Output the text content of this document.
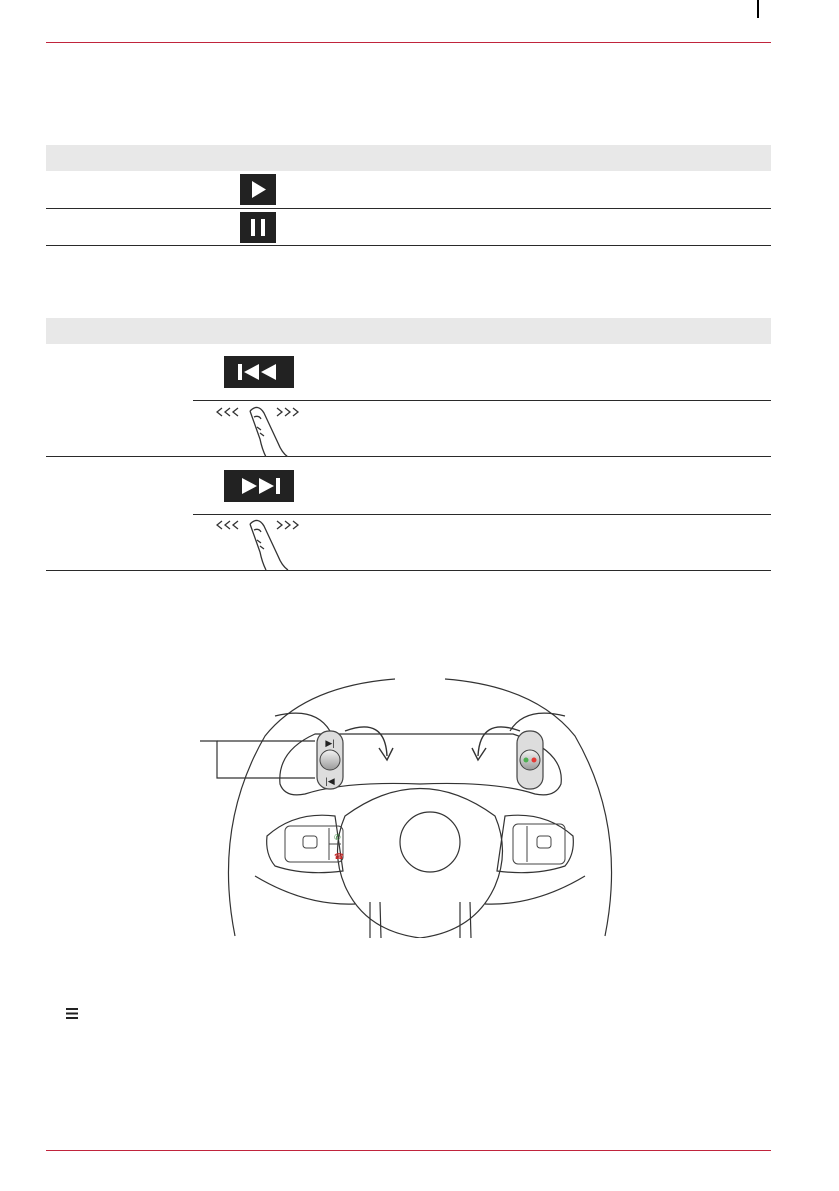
▶|
|◀
✆
☎
